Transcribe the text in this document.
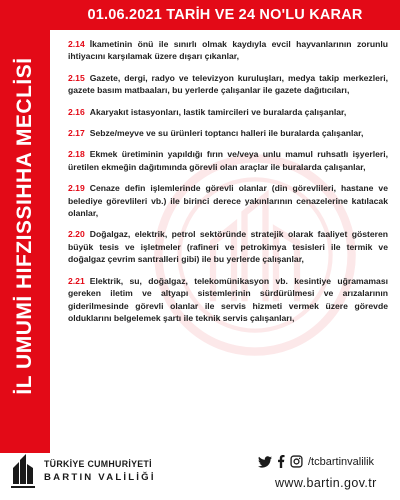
İL UMUMİ HIFZISSIHHA MECLİSİ
01.06.2021 TARİH VE 24 NO'LU KARAR
2.14 İkametinin önü ile sınırlı olmak kaydıyla evcil hayvanlarının zorunlu ihtiyacını karşılamak üzere dışarı çıkanlar,
2.15 Gazete, dergi, radyo ve televizyon kuruluşları, medya takip merkezleri, gazete basım matbaaları, bu yerlerde çalışanlar ile gazete dağıtıcıları,
2.16 Akaryakıt istasyonları, lastik tamircileri ve buralarda çalışanlar,
2.17 Sebze/meyve ve su ürünleri toptancı halleri ile buralarda çalışanlar,
2.18 Ekmek üretiminin yapıldığı fırın ve/veya unlu mamul ruhsatlı işyerleri, üretilen ekmeğin dağıtımında görevli olan araçlar ile buralarda çalışanlar,
2.19 Cenaze defin işlemlerinde görevli olanlar (din görevlileri, hastane ve belediye görevlileri vb.) ile birinci derece yakınlarının cenazelerine katılacak olanlar,
2.20 Doğalgaz, elektrik, petrol sektöründe stratejik olarak faaliyet gösteren büyük tesis ve işletmeler (rafineri ve petrokimya tesisleri ile termik ve doğalgaz çevrim santralleri gibi) ile bu yerlerde çalışanlar,
2.21 Elektrik, su, doğalgaz, telekomünikasyon vb. kesintiye uğramaması gereken iletim ve altyapı sistemlerinin sürdürülmesi ve arızalarının giderilmesinde görevli olanlar ile servis hizmeti vermek üzere görevde olduklarını belgelemek şartı ile teknik servis çalışanları,
TÜRKİYE CUMHURİYETİ
BARTIN VALİLİĞİ
/tcbartinvalilik
www.bartin.gov.tr
